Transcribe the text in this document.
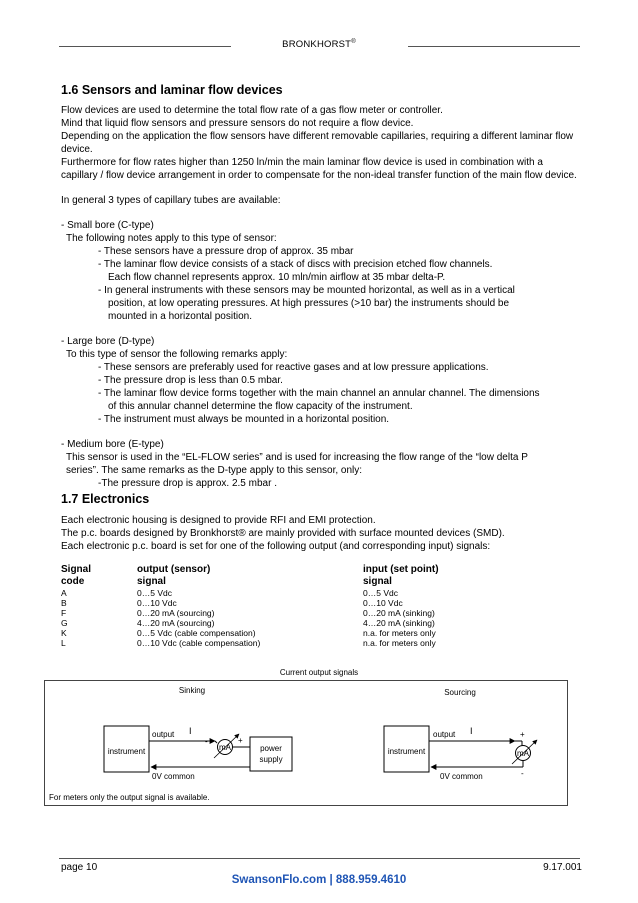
BRONKHORST®
1.6 Sensors and laminar flow devices

Flow devices are used to determine the total flow rate of a gas flow meter or controller.

Mind that liquid flow sensors and pressure sensors do not require a flow device.

Depending on the application the flow sensors have different removable capillaries, requiring a different laminar flow device.

Furthermore for flow rates higher than 1250 ln/min the main laminar flow device is used in combination with a capillary / flow device arrangement in order to compensate for the non-ideal transfer function of the main flow device.

In general 3 types of capillary tubes are available:

- Small bore (C-type)

The following notes apply to this type of sensor:

- These sensors have a pressure drop of approx. 35 mbar

- The laminar flow device consists of a stack of discs with precision etched flow channels.

Each flow channel represents approx. 10 mln/min airflow at 35 mbar delta-P.

- In general instruments with these sensors may be mounted horizontal, as well as in a vertical

position, at low operating pressures. At high pressures (>10 bar) the instruments should be

mounted in a horizontal position.

- Large bore (D-type)

To this type of sensor the following remarks apply:

- These sensors are preferably used for reactive gases and at low pressure applications.

- The pressure drop is less than 0.5 mbar.

- The laminar flow device forms together with the main channel an annular channel. The dimensions

of this annular channel determine the flow capacity of the instrument.

- The instrument must always be mounted in a horizontal position.

- Medium bore (E-type)

This sensor is used in the “EL-FLOW series” and is used for increasing the flow range of the “low delta P

series”. The same remarks as the D-type apply to this sensor, only:

-The pressure drop is approx. 2.5 mbar .

1.7 Electronics

Each electronic housing is designed to provide RFI and EMI protection.

The p.c. boards designed by Bronkhorst® are mainly provided with surface mounted devices (SMD).

Each electronic p.c. board is set for one of the following output (and corresponding input) signals:

Signal	output (sensor)	input (set point)
code	signal	signal
A	0…5 Vdc	0…5 Vdc
B	0…10 Vdc	0…10 Vdc
F	0…20 mA (sourcing)	0…20 mA (sinking)
G	4…20 mA (sourcing)	4…20 mA (sinking)
K	0…5 Vdc (cable compensation)	n.a. for meters only
L	0…10 Vdc (cable compensation)	n.a. for meters only
Current output signals
Sinking
instrument
output I
mA
-	+
power
supply
0V common
Sourcing
instrument
output I	+
mA
-
0V common
For meters only the output signal is available.
page 10	9.17.001
SwansonFlo.com | 888.959.4610
